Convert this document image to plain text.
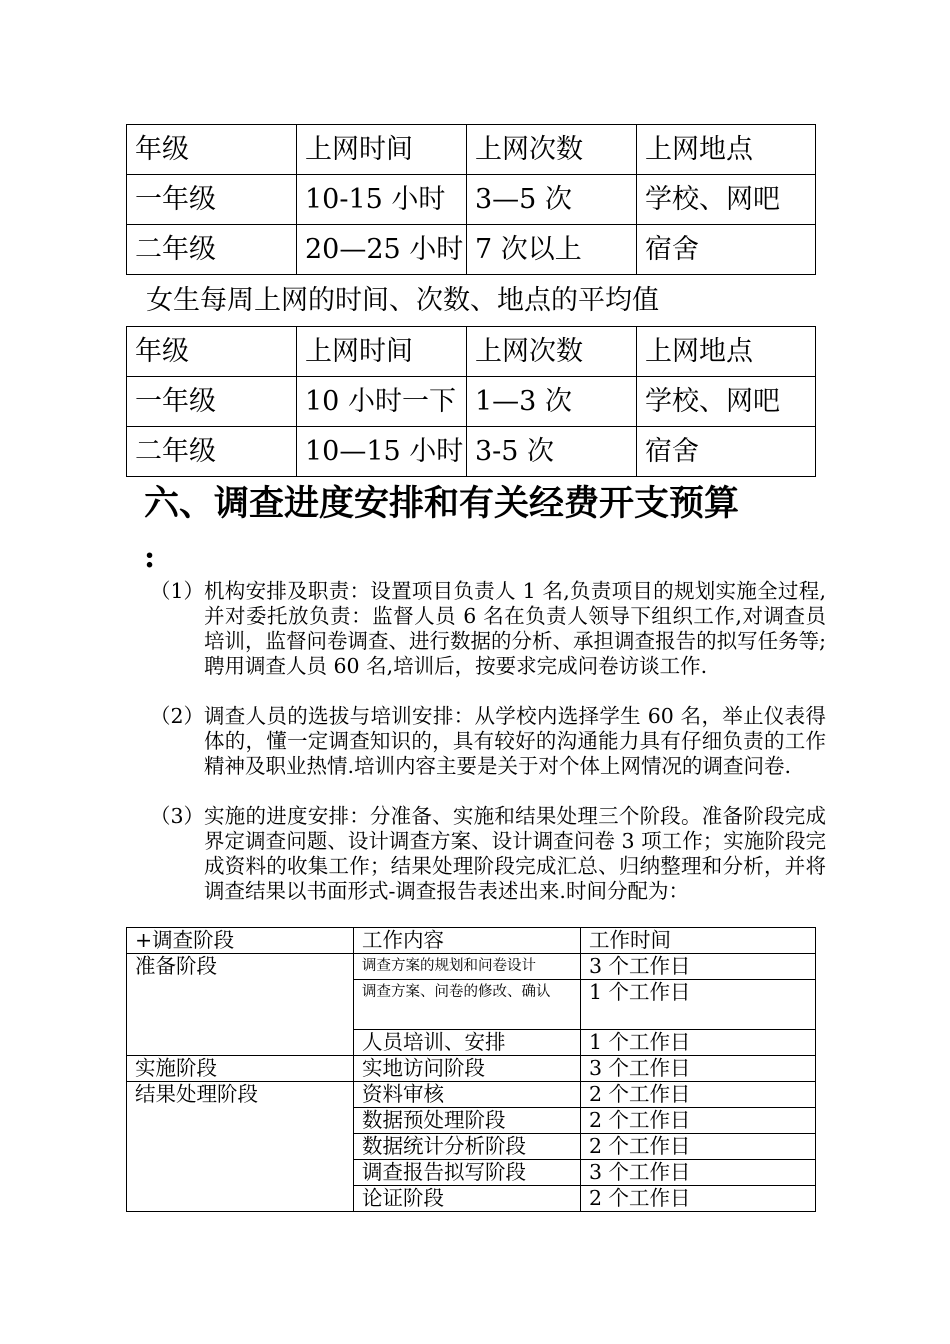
年级	上网时间	上网次数	上网地点
一年级	10-15 小时	3—5 次	学校、网吧
二年级	20—25 小时	7 次以上	宿舍
女生每周上网的时间、次数、地点的平均值
年级	上网时间	上网次数	上网地点
一年级	10 小时一下	1—3 次	学校、网吧
二年级	10—15 小时	3-5 次	宿舍
六、调查进度安排和有关经费开支预算
:
（1） 机构安排及职责：设置项目负责人 1 名,负责项目的规划实施全过程,并对委托放负责：监督人员 6 名在负责人领导下组织工作,对调查员培训，监督问卷调查、进行数据的分析、承担调查报告的拟写任务等;聘用调查人员 60 名,培训后，按要求完成问卷访谈工作.
（2） 调查人员的选拔与培训安排：从学校内选择学生 60 名，举止仪表得体的，懂一定调查知识的，具有较好的沟通能力具有仔细负责的工作精神及职业热情.培训内容主要是关于对个体上网情况的调查问卷.
（3） 实施的进度安排：分准备、实施和结果处理三个阶段。准备阶段完成界定调查问题、设计调查方案、设计调查问卷 3 项工作；实施阶段完成资料的收集工作；结果处理阶段完成汇总、归纳整理和分析，并将调查结果以书面形式-调查报告表述出来.时间分配为：
+调查阶段	工作内容	工作时间
准备阶段	调查方案的规划和问卷设计	3 个工作日
	调查方案、问卷的修改、确认	1 个工作日
	人员培训、安排	1 个工作日
实施阶段	实地访问阶段	3 个工作日
结果处理阶段	资料审核	2 个工作日
	数据预处理阶段	2 个工作日
	数据统计分析阶段	2 个工作日
	调查报告拟写阶段	3 个工作日
	论证阶段	2 个工作日
